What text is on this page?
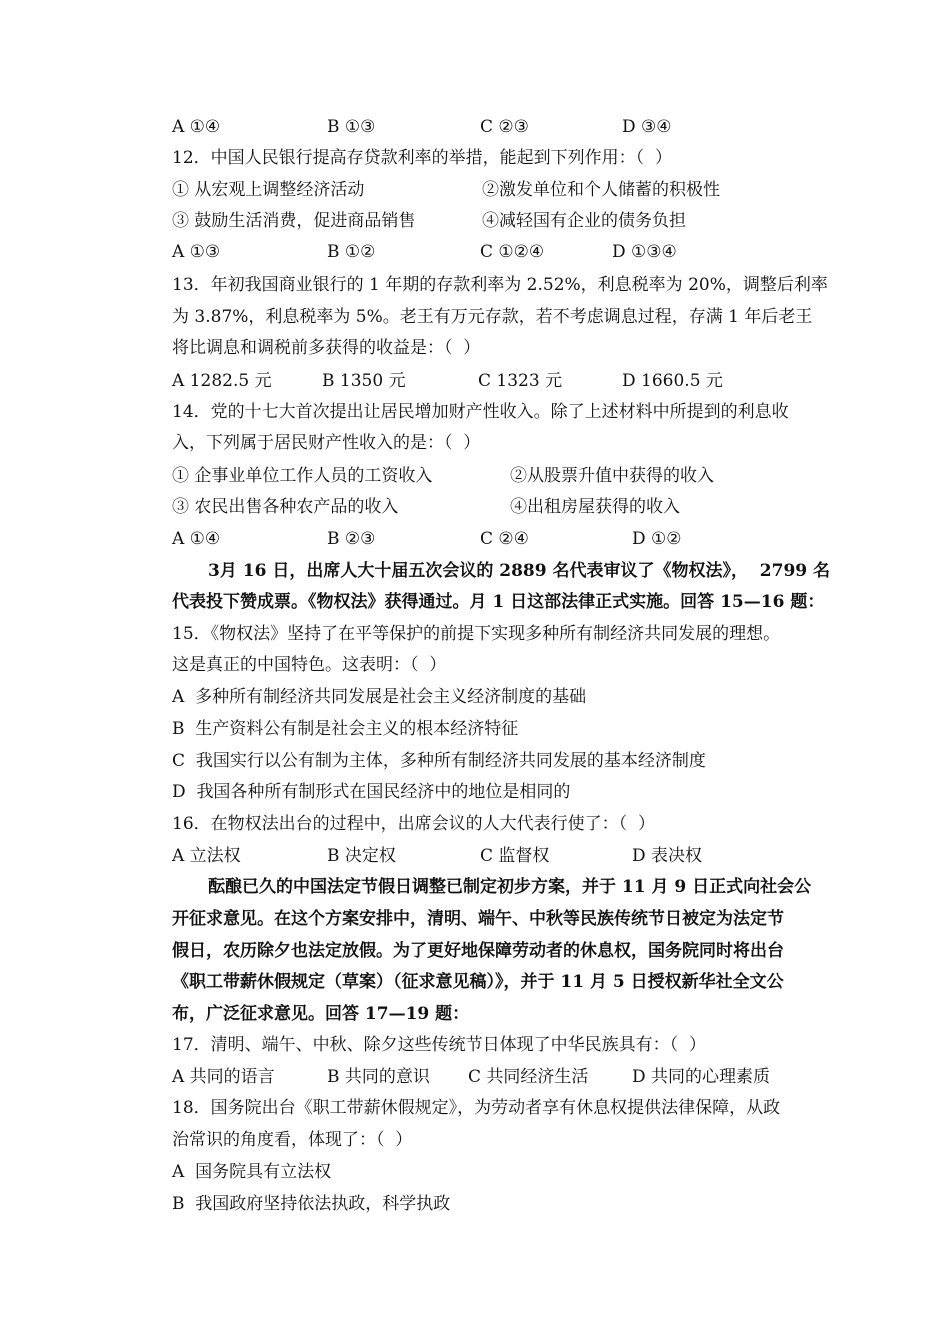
A ①④	B ①③	C ②③	D ③④
12．中国人民银行提高存贷款利率的举措，能起到下列作用：（  ）
① 从宏观上调整经济活动	②激发单位和个人储蓄的积极性
③ 鼓励生活消费，促进商品销售	④减轻国有企业的债务负担
A ①③	B ①②	C ①②④	D ①③④
13．年初我国商业银行的 1 年期的存款利率为 2.52%，利息税率为 20%，调整后利率
为 3.87%，利息税率为 5%。老王有万元存款，若不考虑调息过程，存满 1 年后老王
将比调息和调税前多获得的收益是：（  ）
A 1282.5 元	B 1350 元	C 1323 元	D 1660.5 元
14．党的十七大首次提出让居民增加财产性收入。除了上述材料中所提到的利息收
入，下列属于居民财产性收入的是：（  ）
① 企事业单位工作人员的工资收入	②从股票升值中获得的收入
③ 农民出售各种农产品的收入	④出租房屋获得的收入
A ①④	B ②③	C ②④	D ①②
3月 16 日，出席人大十届五次会议的 2889 名代表审议了《物权法》，  2799 名
代表投下赞成票。《物权法》获得通过。月 1 日这部法律正式实施。回答 15—16 题：
15．《物权法》坚持了在平等保护的前提下实现多种所有制经济共同发展的理想。
这是真正的中国特色。这表明：（  ）
A  多种所有制经济共同发展是社会主义经济制度的基础
B  生产资料公有制是社会主义的根本经济特征
C  我国实行以公有制为主体，多种所有制经济共同发展的基本经济制度
D  我国各种所有制形式在国民经济中的地位是相同的
16．在物权法出台的过程中，出席会议的人大代表行使了：（  ）
A 立法权	B 决定权	C 监督权	D 表决权
酝酿已久的中国法定节假日调整已制定初步方案，并于 11 月 9 日正式向社会公
开征求意见。在这个方案安排中，清明、端午、中秋等民族传统节日被定为法定节
假日，农历除夕也法定放假。为了更好地保障劳动者的休息权，国务院同时将出台
《职工带薪休假规定（草案）（征求意见稿）》，并于 11 月 5 日授权新华社全文公
布，广泛征求意见。回答 17—19 题：
17．清明、端午、中秋、除夕这些传统节日体现了中华民族具有：（  ）
A 共同的语言	B 共同的意识 C 共同经济生活	D 共同的心理素质
18．国务院出台《职工带薪休假规定》，为劳动者享有休息权提供法律保障，从政
治常识的角度看，体现了：（  ）
A  国务院具有立法权
B  我国政府坚持依法执政，科学执政
